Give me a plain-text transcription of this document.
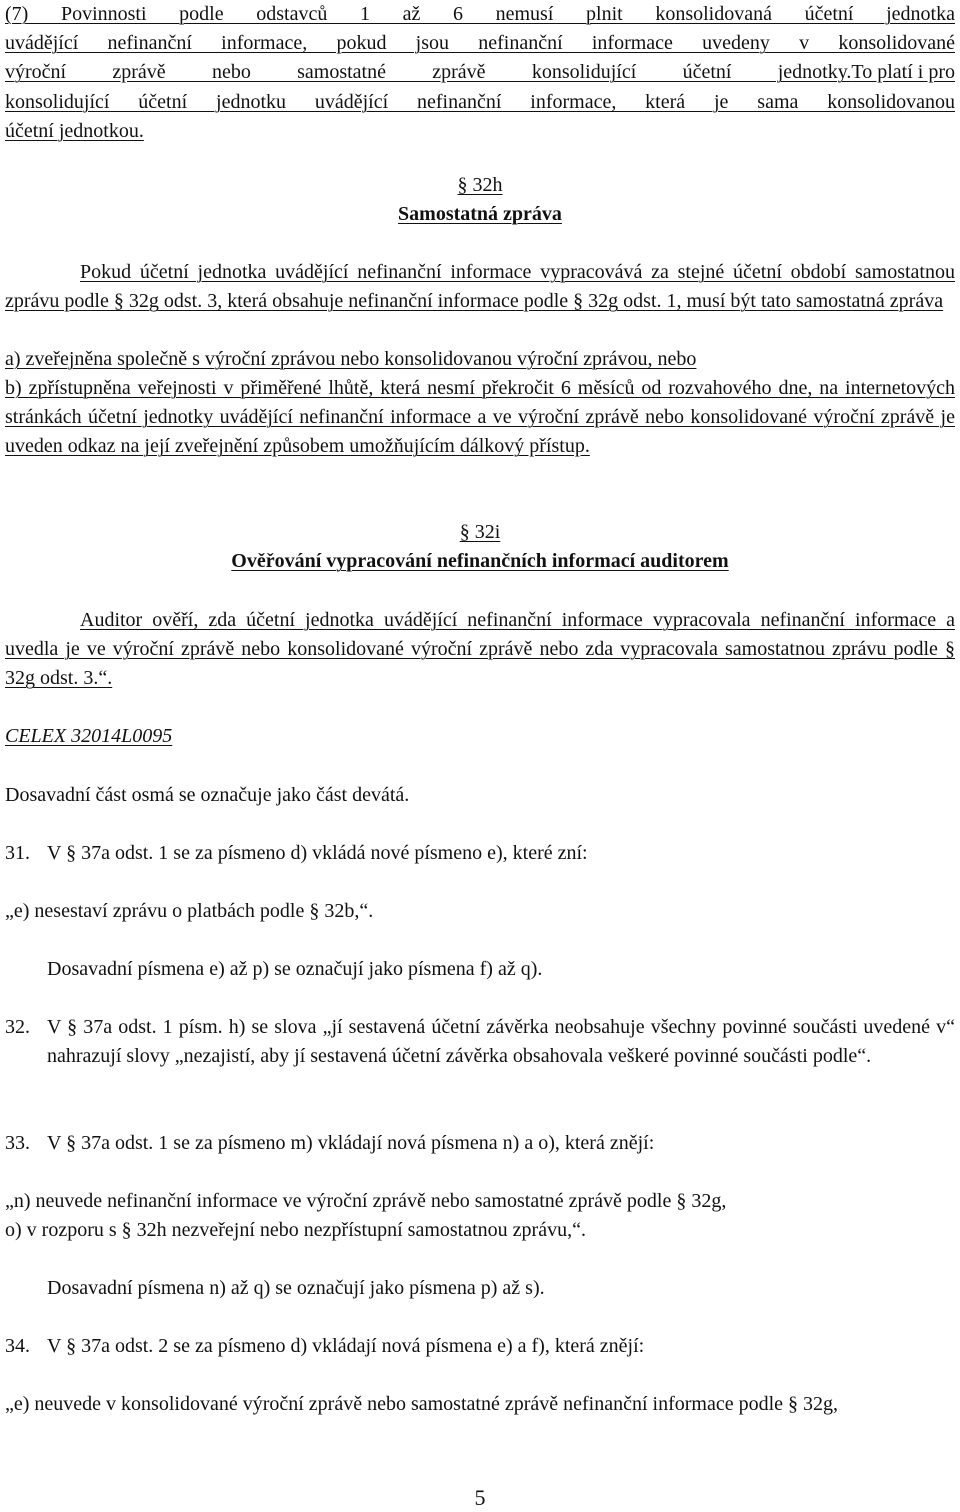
(7) Povinnosti podle odstavců 1 až 6 nemusí plnit konsolidovaná účetní jednotka
uvádějící nefinanční informace, pokud jsou nefinanční informace uvedeny v konsolidované
výroční zprávě nebo samostatné zprávě konsolidující účetní jednotky. To platí i pro
konsolidující účetní jednotku uvádějící nefinanční informace, která je sama konsolidovanou
účetní jednotkou.
§ 32h
Samostatná zpráva
Pokud účetní jednotka uvádějící nefinanční informace vypracovává za stejné účetní období samostatnou zprávu podle § 32g odst. 3, která obsahuje nefinanční informace podle § 32g odst. 1, musí být tato samostatná zpráva
a) zveřejněna společně s výroční zprávou nebo konsolidovanou výroční zprávou, nebo
b) zpřístupněna veřejnosti v přiměřené lhůtě, která nesmí překročit 6 měsíců od rozvahového dne, na internetových stránkách účetní jednotky uvádějící nefinanční informace a ve výroční zprávě nebo konsolidované výroční zprávě je uveden odkaz na její zveřejnění způsobem umožňujícím dálkový přístup.
§ 32i
Ověřování vypracování nefinančních informací auditorem
Auditor ověří, zda účetní jednotka uvádějící nefinanční informace vypracovala nefinanční informace a uvedla je ve výroční zprávě nebo konsolidované výroční zprávě nebo zda vypracovala samostatnou zprávu podle § 32g odst. 3.“.
CELEX 32014L0095
Dosavadní část osmá se označuje jako část devátá.
31. V § 37a odst. 1 se za písmeno d) vkládá nové písmeno e), které zní:
„e) nesestaví zprávu o platbách podle § 32b,“.
Dosavadní písmena e) až p) se označují jako písmena f) až q).
32. V § 37a odst. 1 písm. h) se slova „jí sestavená účetní závěrka neobsahuje všechny povinné součásti uvedené v“ nahrazují slovy „nezajistí, aby jí sestavená účetní závěrka obsahovala veškeré povinné součásti podle“.
33. V § 37a odst. 1 se za písmeno m) vkládají nová písmena n) a o), která znějí:
„n) neuvede nefinanční informace ve výroční zprávě nebo samostatné zprávě podle § 32g,
o) v rozporu s § 32h nezveřejní nebo nezpřístupní samostatnou zprávu,“.
Dosavadní písmena n) až q) se označují jako písmena p) až s).
34. V § 37a odst. 2 se za písmeno d) vkládají nová písmena e) a f), která znějí:
„e) neuvede v konsolidované výroční zprávě nebo samostatné zprávě nefinanční informace podle § 32g,
5
